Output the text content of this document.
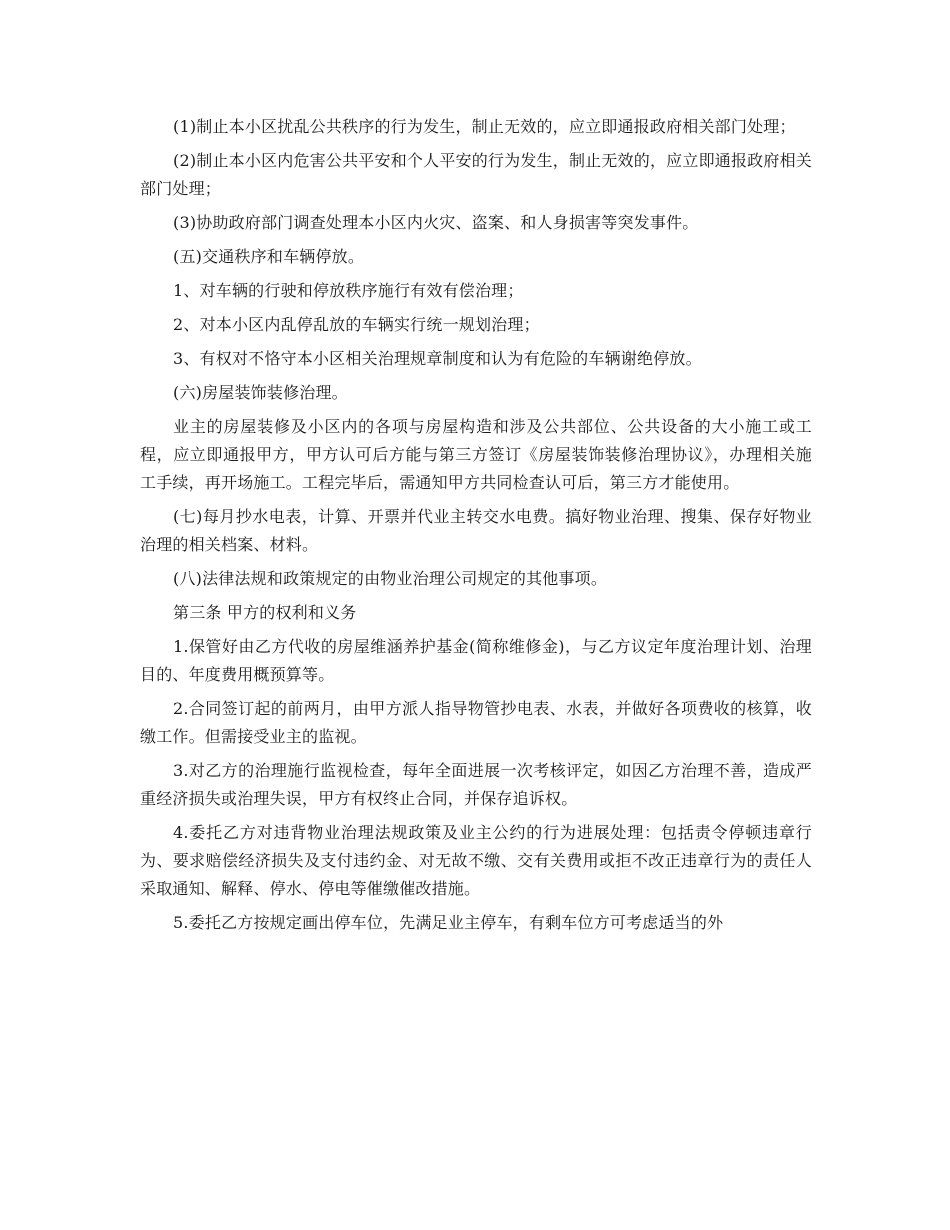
(1)制止本小区扰乱公共秩序的行为发生，制止无效的，应立即通报政府相关部门处理；

(2)制止本小区内危害公共平安和个人平安的行为发生，制止无效的，应立即通报政府相关部门处理；

(3)协助政府部门调查处理本小区内火灾、盗案、和人身损害等突发事件。

(五)交通秩序和车辆停放。

1、对车辆的行驶和停放秩序施行有效有偿治理；

2、对本小区内乱停乱放的车辆实行统一规划治理；

3、有权对不恪守本小区相关治理规章制度和认为有危险的车辆谢绝停放。

(六)房屋装饰装修治理。

业主的房屋装修及小区内的各项与房屋构造和涉及公共部位、公共设备的大小施工或工程，应立即通报甲方，甲方认可后方能与第三方签订《房屋装饰装修治理协议》，办理相关施工手续，再开场施工。工程完毕后，需通知甲方共同检查认可后，第三方才能使用。

(七)每月抄水电表，计算、开票并代业主转交水电费。搞好物业治理、搜集、保存好物业治理的相关档案、材料。

(八)法律法规和政策规定的由物业治理公司规定的其他事项。

第三条 甲方的权利和义务

1.保管好由乙方代收的房屋维涵养护基金(简称维修金)，与乙方议定年度治理计划、治理目的、年度费用概预算等。

2.合同签订起的前两月，由甲方派人指导物管抄电表、水表，并做好各项费收的核算，收缴工作。但需接受业主的监视。

3.对乙方的治理施行监视检查，每年全面进展一次考核评定，如因乙方治理不善，造成严重经济损失或治理失误，甲方有权终止合同，并保存追诉权。

4.委托乙方对违背物业治理法规政策及业主公约的行为进展处理：包括责令停顿违章行为、要求赔偿经济损失及支付违约金、对无故不缴、交有关费用或拒不改正违章行为的责任人采取通知、解释、停水、停电等催缴催改措施。

5.委托乙方按规定画出停车位，先满足业主停车，有剩车位方可考虑适当的外
